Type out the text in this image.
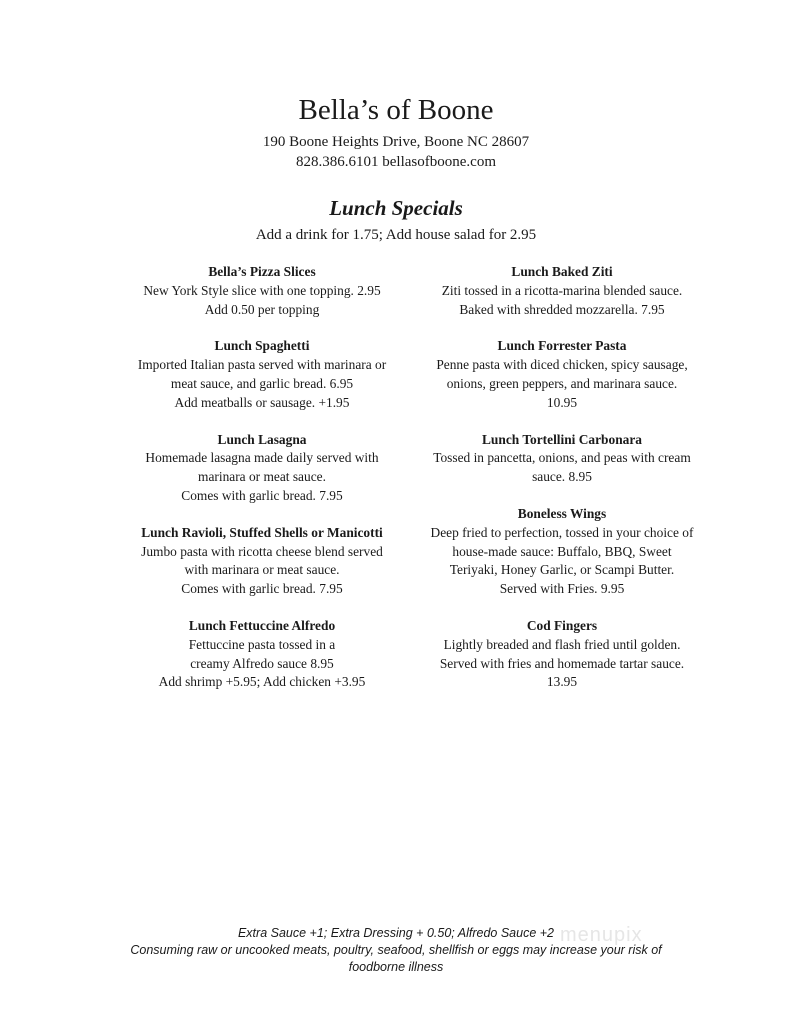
Bella’s of Boone
190 Boone Heights Drive, Boone NC 28607
828.386.6101 bellasofboone.com
Lunch Specials
Add a drink for 1.75; Add house salad for 2.95
Bella’s Pizza Slices
New York Style slice with one topping. 2.95
Add 0.50 per topping
Lunch Spaghetti
Imported Italian pasta served with marinara or
meat sauce, and garlic bread. 6.95
Add meatballs or sausage. +1.95
Lunch Lasagna
Homemade lasagna made daily served with
marinara or meat sauce.
Comes with garlic bread. 7.95
Lunch Ravioli, Stuffed Shells or Manicotti
Jumbo pasta with ricotta cheese blend served
with marinara or meat sauce.
Comes with garlic bread. 7.95
Lunch Fettuccine Alfredo
Fettuccine pasta tossed in a
creamy Alfredo sauce 8.95
Add shrimp +5.95; Add chicken +3.95
Lunch Baked Ziti
Ziti tossed in a ricotta-marina blended sauce.
Baked with shredded mozzarella. 7.95
Lunch Forrester Pasta
Penne pasta with diced chicken, spicy sausage,
onions, green peppers, and marinara sauce.
10.95
Lunch Tortellini Carbonara
Tossed in pancetta, onions, and peas with cream
sauce. 8.95
Boneless Wings
Deep fried to perfection, tossed in your choice of
house-made sauce: Buffalo, BBQ, Sweet
Teriyaki, Honey Garlic, or Scampi Butter.
Served with Fries. 9.95
Cod Fingers
Lightly breaded and flash fried until golden.
Served with fries and homemade tartar sauce.
13.95
menupix
Extra Sauce +1; Extra Dressing + 0.50; Alfredo Sauce +2
Consuming raw or uncooked meats, poultry, seafood, shellfish or eggs may increase your risk of
foodborne illness
